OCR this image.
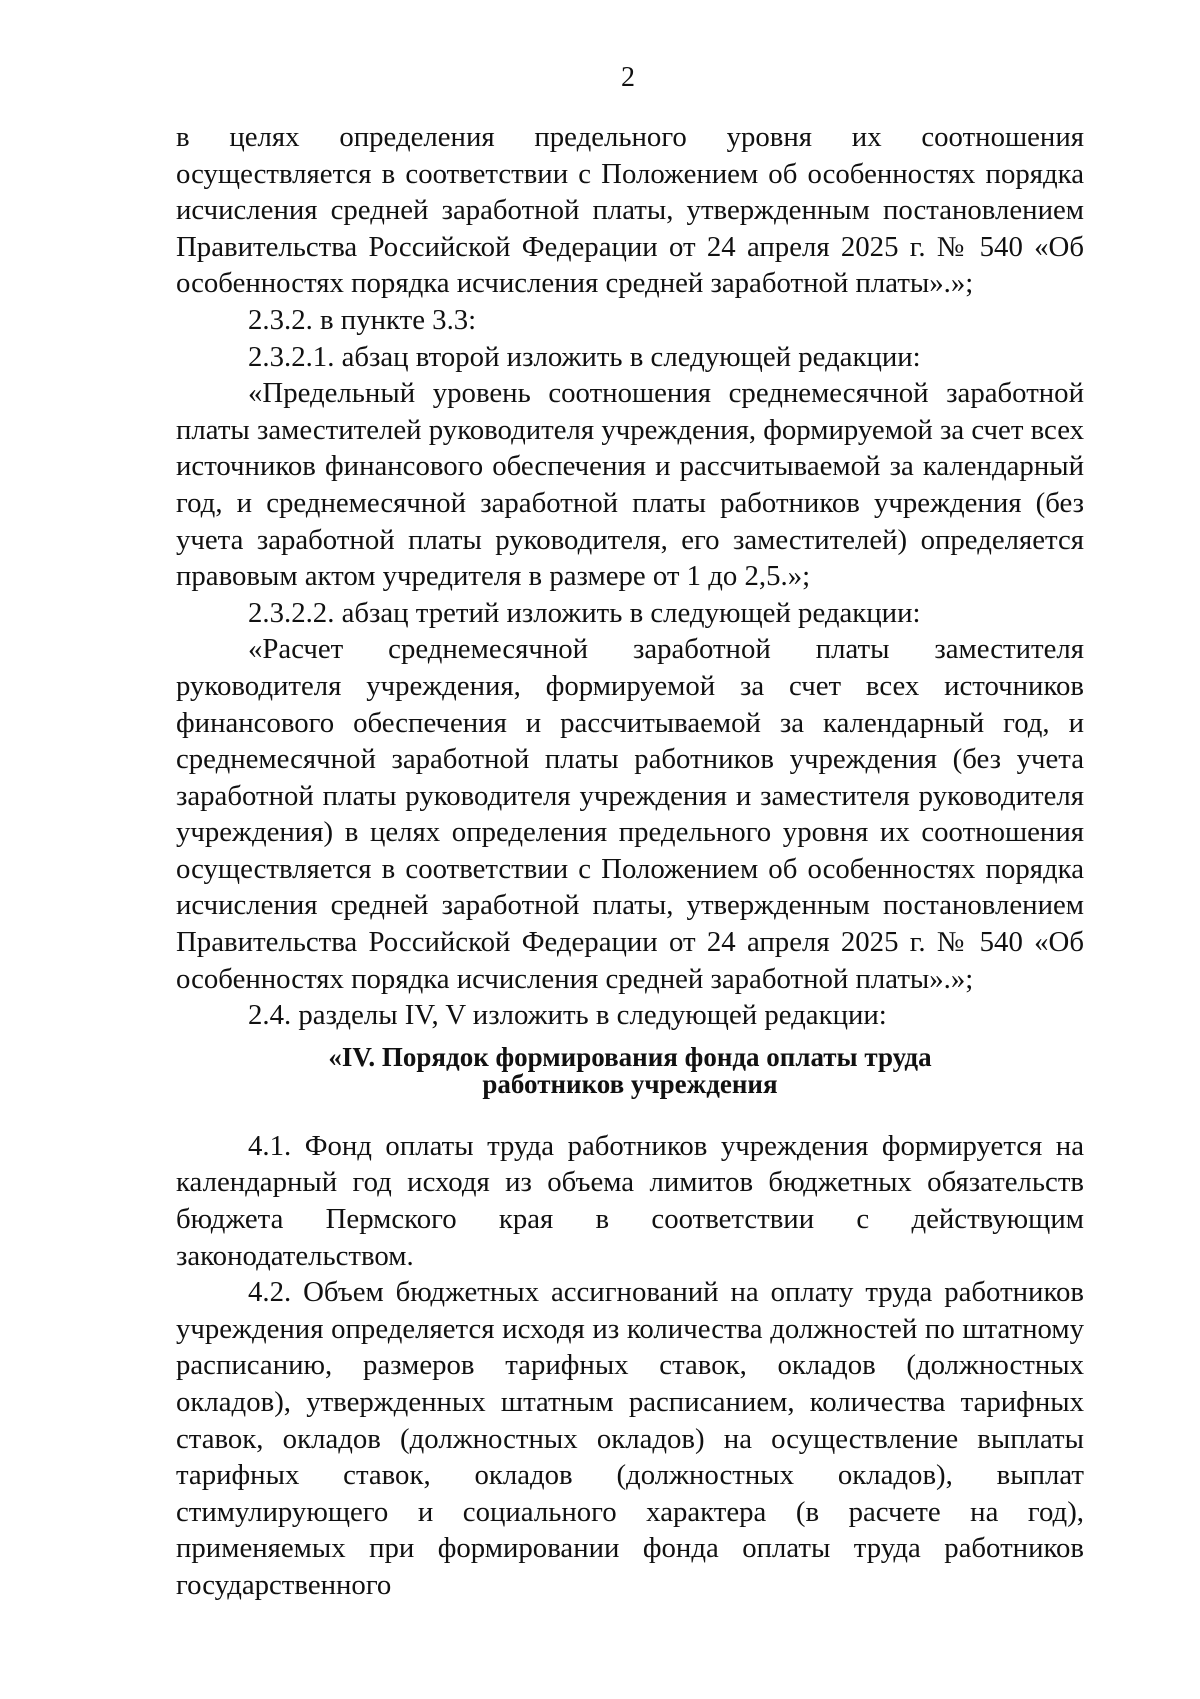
2

в целях определения предельного уровня их соотношения осуществляется в соответствии с Положением об особенностях порядка исчисления средней заработной платы, утвержденным постановлением Правительства Российской Федерации от 24 апреля 2025 г. № 540 «Об особенностях порядка исчисления средней заработной платы».»;

2.3.2. в пункте 3.3:

2.3.2.1. абзац второй изложить в следующей редакции:

«Предельный уровень соотношения среднемесячной заработной платы заместителей руководителя учреждения, формируемой за счет всех источников финансового обеспечения и рассчитываемой за календарный год, и среднемесячной заработной платы работников учреждения (без учета заработной платы руководителя, его заместителей) определяется правовым актом учредителя в размере от 1 до 2,5.»;

2.3.2.2. абзац третий изложить в следующей редакции:

«Расчет среднемесячной заработной платы заместителя руководителя учреждения, формируемой за счет всех источников финансового обеспечения и рассчитываемой за календарный год, и среднемесячной заработной платы работников учреждения (без учета заработной платы руководителя учреждения и заместителя руководителя учреждения) в целях определения предельного уровня их соотношения осуществляется в соответствии с Положением об особенностях порядка исчисления средней заработной платы, утвержденным постановлением Правительства Российской Федерации от 24 апреля 2025 г. № 540 «Об особенностях порядка исчисления средней заработной платы».»;

2.4. разделы IV, V изложить в следующей редакции:

«IV. Порядок формирования фонда оплаты труда
работников учреждения

4.1. Фонд оплаты труда работников учреждения формируется на календарный год исходя из объема лимитов бюджетных обязательств бюджета Пермского края в соответствии с действующим законодательством.

4.2. Объем бюджетных ассигнований на оплату труда работников учреждения определяется исходя из количества должностей по штатному расписанию, размеров тарифных ставок, окладов (должностных окладов), утвержденных штатным расписанием, количества тарифных ставок, окладов (должностных окладов) на осуществление выплаты тарифных ставок, окладов (должностных окладов), выплат стимулирующего и социального характера (в расчете на год), применяемых при формировании фонда оплаты труда работников государственного
